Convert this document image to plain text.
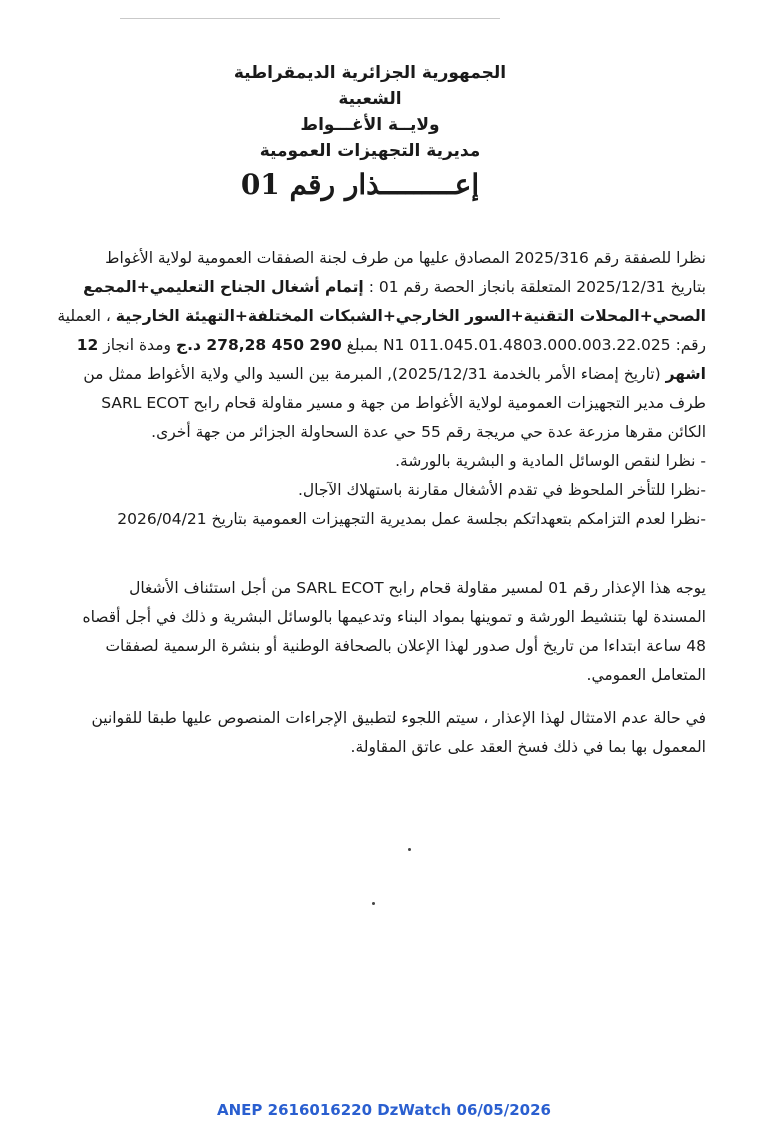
الجمهورية الجزائرية الديمقراطية الشعبية
ولايــة الأغـــواط
مديرية التجهيزات العمومية
إعـــــــــذار رقم 01
نظرا للصفقة رقم 2025/316 المصادق عليها من طرف لجنة الصفقات العمومية لولاية الأغواط
بتاريخ 2025/12/31 المتعلقة بانجاز الحصة رقم 01 : إتمام أشغال الجناح التعليمي+المجمع
الصحي+المحلات التقنية+السور الخارجي+الشبكات المختلفة+التهيئة الخارجية ، العملية
رقم: N1 011.045.01.4803.000.003.22.025 بمبلغ 290 450 278,28 د.ج ومدة انجاز 12
اشهر (تاريخ إمضاء الأمر بالخدمة 2025/12/31), المبرمة بين السيد والي ولاية الأغواط ممثل من
طرف مدير التجهيزات العمومية لولاية الأغواط من جهة و مسير مقاولة قحام رابح SARL ECOT
الكائن مقرها مزرعة عدة حي مريجة رقم 55 حي عدة السحاولة الجزائر من جهة أخرى.
- نظرا لنقص الوسائل المادية و البشرية بالورشة.
-نظرا للتأخر الملحوظ في تقدم الأشغال مقارنة باستهلاك الآجال.
-نظرا لعدم التزامكم بتعهداتكم بجلسة عمل بمديرية التجهيزات العمومية بتاريخ 2026/04/21
يوجه هذا الإعذار رقم 01 لمسير مقاولة قحام رابح SARL ECOT من أجل استئناف الأشغال
المسندة لها بتنشيط الورشة و تموينها بمواد البناء وتدعيمها بالوسائل البشرية و ذلك في أجل أقصاه
48 ساعة ابتداءا من تاريخ أول صدور لهذا الإعلان بالصحافة الوطنية أو بنشرة الرسمية لصفقات
المتعامل العمومي.
في حالة عدم الامتثال لهذا الإعذار ، سيتم اللجوء لتطبيق الإجراءات المنصوص عليها طبقا للقوانين
المعمول بها بما في ذلك فسخ العقد على عاتق المقاولة.
ANEP 2616016220 DzWatch 06/05/2026
